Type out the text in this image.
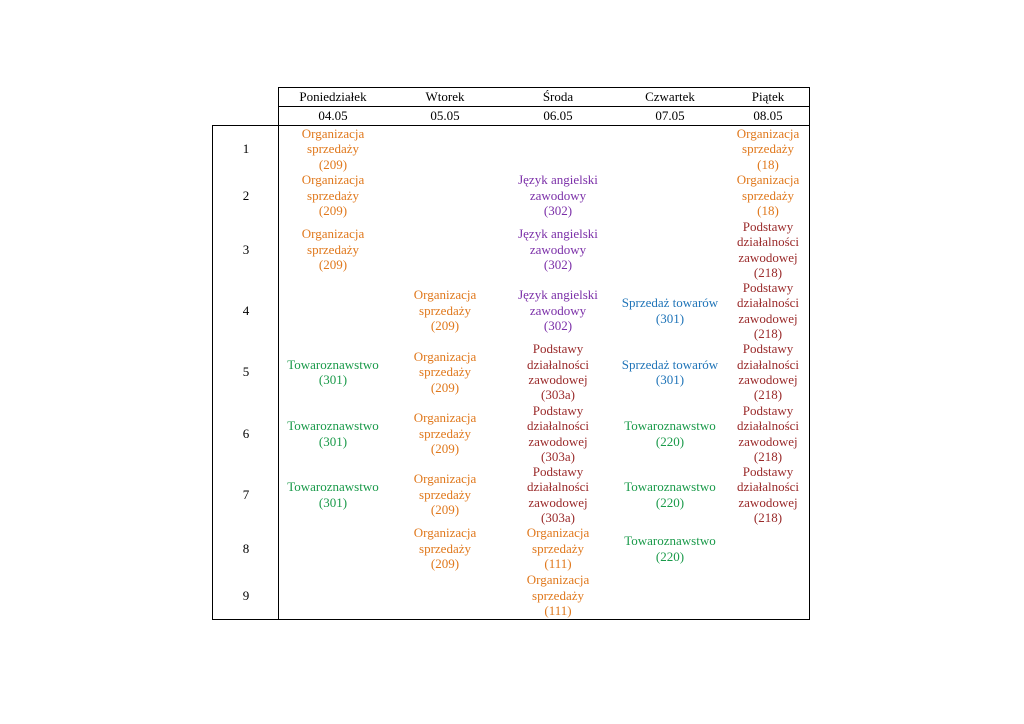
Poniedziałek
04.05
Wtorek
05.05
Środa
06.05
Czwartek
07.05
Piątek
08.05
1
2
3
4
5
6
7
8
9
Organizacja
sprzedaży
(209)
Organizacja
sprzedaży
(18)
Organizacja
sprzedaży
(209)
Język angielski
zawodowy
(302)
Organizacja
sprzedaży
(18)
Organizacja
sprzedaży
(209)
Język angielski
zawodowy
(302)
Podstawy
działalności
zawodowej
(218)
Organizacja
sprzedaży
(209)
Język angielski
zawodowy
(302)
Sprzedaż towarów
(301)
Podstawy
działalności
zawodowej
(218)
Towaroznawstwo
(301)
Organizacja
sprzedaży
(209)
Podstawy
działalności
zawodowej
(303a)
Sprzedaż towarów
(301)
Podstawy
działalności
zawodowej
(218)
Towaroznawstwo
(301)
Organizacja
sprzedaży
(209)
Podstawy
działalności
zawodowej
(303a)
Towaroznawstwo
(220)
Podstawy
działalności
zawodowej
(218)
Towaroznawstwo
(301)
Organizacja
sprzedaży
(209)
Podstawy
działalności
zawodowej
(303a)
Towaroznawstwo
(220)
Podstawy
działalności
zawodowej
(218)
Organizacja
sprzedaży
(209)
Organizacja
sprzedaży
(111)
Towaroznawstwo
(220)
Organizacja
sprzedaży
(111)
